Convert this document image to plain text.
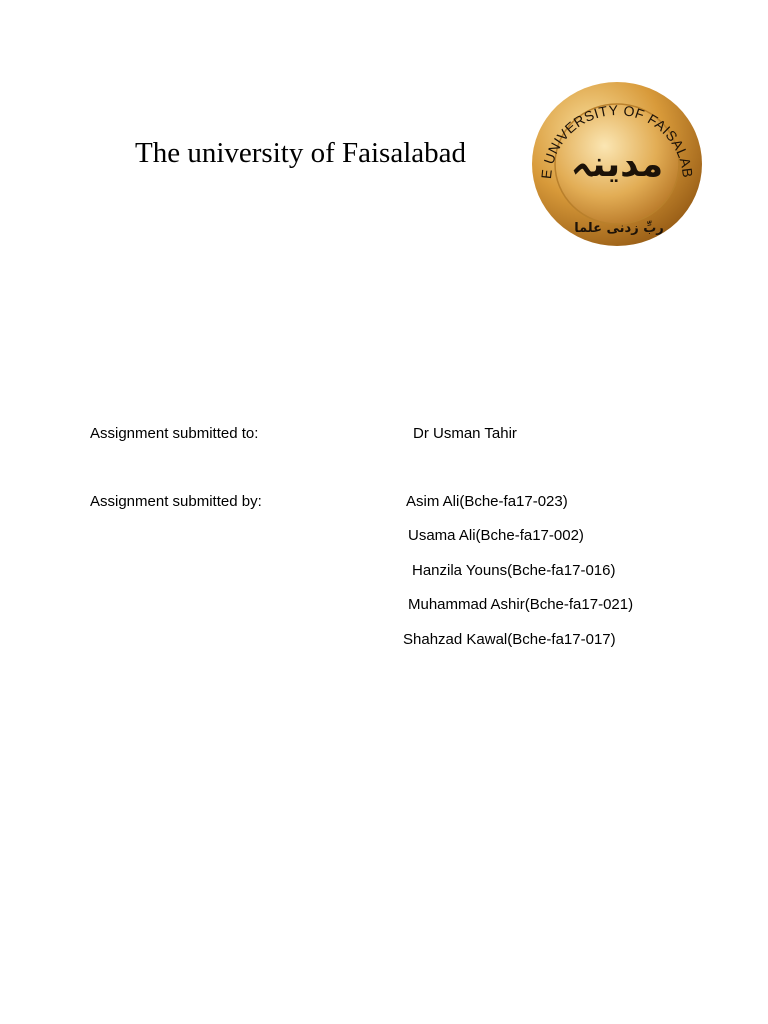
The university of Faisalabad
E UNIVERSITY OF FAISALAB
مدینہ
ربِّ زدنی علما
Assignment submitted to:	Dr Usman Tahir
Assignment submitted by:	Asim Ali(Bche-fa17-023)
Usama Ali(Bche-fa17-002)
Hanzila Youns(Bche-fa17-016)
Muhammad Ashir(Bche-fa17-021)
Shahzad Kawal(Bche-fa17-017)
